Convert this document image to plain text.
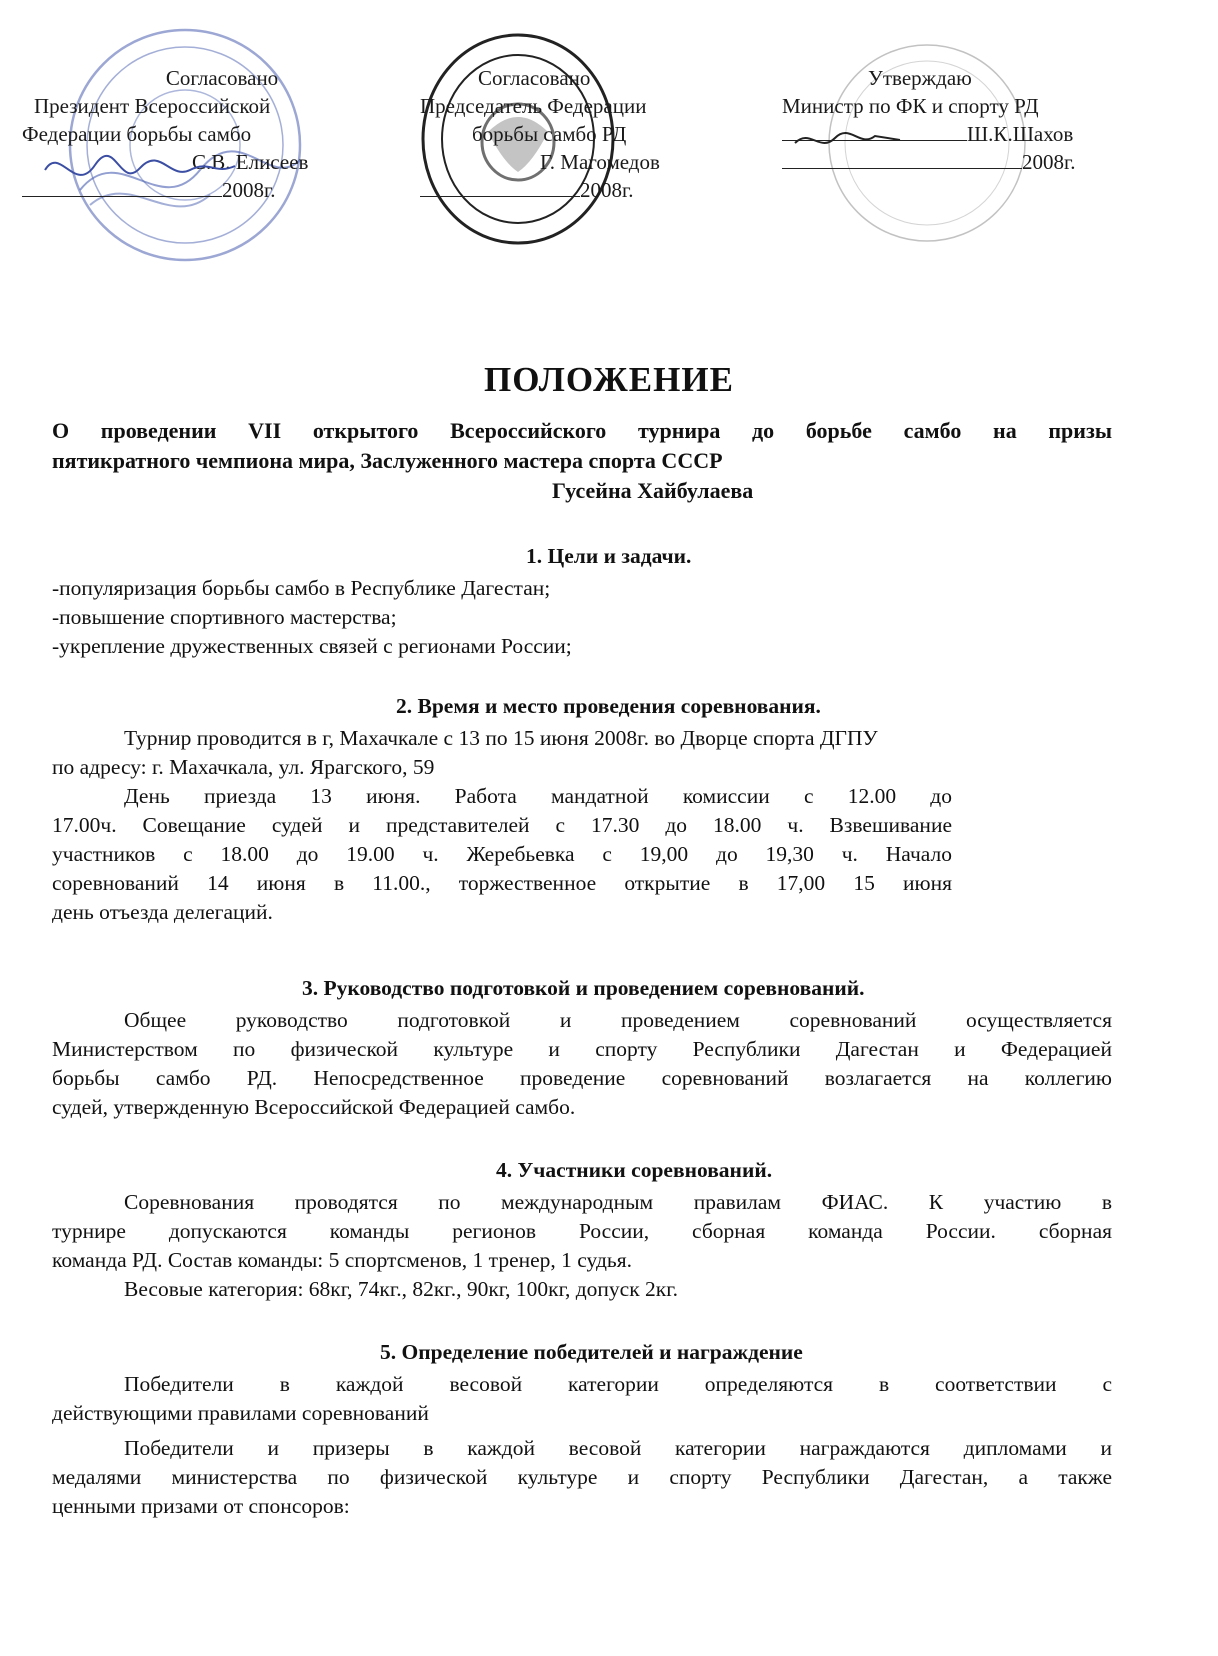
Согласовано
Президент Всероссийской
Федерации борьбы самбо
С.В. Елисеев
2008г.
Согласовано
Председатель Федерации
борьбы самбо РД
Г. Магомедов
2008г.
Утверждаю
Министр по ФК и спорту РД
Ш.К.Шахов
2008г.
ПОЛОЖЕНИЕ
О проведении VII открытого Всероссийского турнира до борьбе самбо на призы
пятикратного чемпиона мира, Заслуженного мастера спорта СССР
Гусейна Хайбулаева
1. Цели и задачи.

-популяризация борьбы самбо в Республике Дагестан;

-повышение спортивного мастерства;

-укрепление дружественных связей с регионами России;

2. Время и место проведения соревнования.

Турнир проводится в г, Махачкале с 13 по 15 июня 2008г. во Дворце спорта ДГПУ

по адресу: г. Махачкала, ул. Ярагского, 59

День приезда 13 июня. Работа мандатной комиссии с 12.00 до

17.00ч. Совещание судей и представителей с 17.30 до 18.00 ч. Взвешивание

участников с 18.00 до 19.00 ч. Жеребьевка с 19,00 до 19,30 ч. Начало

соревнований 14 июня в 11.00., торжественное открытие в 17,00 15 июня

день отъезда делегаций.

3. Руководство подготовкой и проведением соревнований.

Общее руководство подготовкой и проведением соревнований осуществляется

Министерством по физической культуре и спорту Республики Дагестан и Федерацией

борьбы самбо РД. Непосредственное проведение соревнований возлагается на коллегию

судей, утвержденную Всероссийской Федерацией самбо.

4. Участники соревнований.

Соревнования проводятся по международным правилам ФИАС. К участию в

турнире допускаются команды регионов России, сборная команда России. сборная

команда РД. Состав команды: 5 спортсменов, 1 тренер, 1 судья.

Весовые категория: 68кг, 74кг., 82кг., 90кг, 100кг, допуск 2кг.

5. Определение победителей и награждение

Победители в каждой весовой категории определяются в соответствии с

действующими правилами соревнований

Победители и призеры в каждой весовой категории награждаются дипломами и

медалями министерства по физической культуре и спорту Республики Дагестан, а также

ценными призами от спонсоров:
